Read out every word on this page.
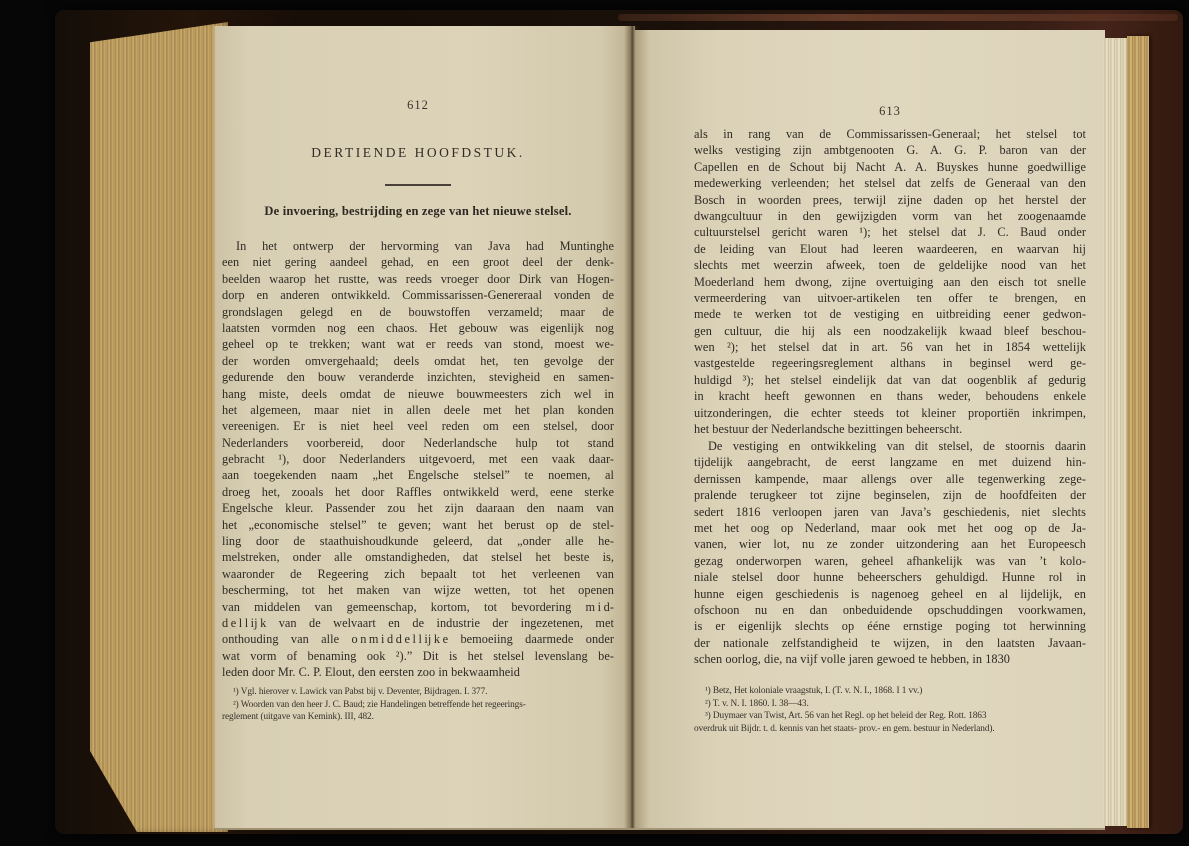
612
DERTIENDE HOOFDSTUK.
De invoering, bestrijding en zege van het nieuwe stelsel.
In het ontwerp der hervorming van Java had Muntinghe
een niet gering aandeel gehad, en een groot deel der denk-
beelden waarop het rustte, was reeds vroeger door Dirk van Hogen-
dorp en anderen ontwikkeld. Commissarissen-Genereraal vonden de
grondslagen gelegd en de bouwstoffen verzameld; maar de
laatsten vormden nog een chaos. Het gebouw was eigenlijk nog
geheel op te trekken; want wat er reeds van stond, moest we-
der worden omvergehaald; deels omdat het, ten gevolge der
gedurende den bouw veranderde inzichten, stevigheid en samen-
hang miste, deels omdat de nieuwe bouwmeesters zich wel in
het algemeen, maar niet in allen deele met het plan konden
vereenigen. Er is niet heel veel reden om een stelsel, door
Nederlanders voorbereid, door Nederlandsche hulp tot stand
gebracht ¹), door Nederlanders uitgevoerd, met een vaak daar-
aan toegekenden naam „het Engelsche stelsel” te noemen, al
droeg het, zooals het door Raffles ontwikkeld werd, eene sterke
Engelsche kleur. Passender zou het zijn daaraan den naam van
het „economische stelsel” te geven; want het berust op de stel-
ling door de staathuishoudkunde geleerd, dat „onder alle he-
melstreken, onder alle omstandigheden, dat stelsel het beste is,
waaronder de Regeering zich bepaalt tot het verleenen van
bescherming, tot het maken van wijze wetten, tot het openen
van middelen van gemeenschap, kortom, tot bevordering m i d-
d e l l ij k van de welvaart en de industrie der ingezetenen, met
onthouding van alle o n m i d d e l l ij k e bemoeiing daarmede onder
wat vorm of benaming ook ²).” Dit is het stelsel levenslang be-
leden door Mr. C. P. Elout, den eersten zoo in bekwaamheid
¹) Vgl. hierover v. Lawick van Pabst bij v. Deventer, Bijdragen. I. 377.
²) Woorden van den heer J. C. Baud; zie Handelingen betreffende het regeerings-
reglement (uitgave van Kemink). III, 482.
613
als in rang van de Commissarissen-Generaal; het stelsel tot
welks vestiging zijn ambtgenooten G. A. G. P. baron van der
Capellen en de Schout bij Nacht A. A. Buyskes hunne goedwillige
medewerking verleenden; het stelsel dat zelfs de Generaal van den
Bosch in woorden prees, terwijl zijne daden op het herstel der
dwangcultuur in den gewijzigden vorm van het zoogenaamde
cultuurstelsel gericht waren ¹); het stelsel dat J. C. Baud onder
de leiding van Elout had leeren waardeeren, en waarvan hij
slechts met weerzin afweek, toen de geldelijke nood van het
Moederland hem dwong, zijne overtuiging aan den eisch tot snelle
vermeerdering van uitvoer-artikelen ten offer te brengen, en
mede te werken tot de vestiging en uitbreiding eener gedwon-
gen cultuur, die hij als een noodzakelijk kwaad bleef beschou-
wen ²); het stelsel dat in art. 56 van het in 1854 wettelijk
vastgestelde regeeringsreglement althans in beginsel werd ge-
huldigd ³); het stelsel eindelijk dat van dat oogenblik af gedurig
in kracht heeft gewonnen en thans weder, behoudens enkele
uitzonderingen, die echter steeds tot kleiner proportiën inkrimpen,
het bestuur der Nederlandsche bezittingen beheerscht.
De vestiging en ontwikkeling van dit stelsel, de stoornis daarin
tijdelijk aangebracht, de eerst langzame en met duizend hin-
dernissen kampende, maar allengs over alle tegenwerking zege-
pralende terugkeer tot zijne beginselen, zijn de hoofdfeiten der
sedert 1816 verloopen jaren van Java’s geschiedenis, niet slechts
met het oog op Nederland, maar ook met het oog op de Ja-
vanen, wier lot, nu ze zonder uitzondering aan het Europeesch
gezag onderworpen waren, geheel afhankelijk was van ’t kolo-
niale stelsel door hunne beheerschers gehuldigd. Hunne rol in
hunne eigen geschiedenis is nagenoeg geheel en al lijdelijk, en
ofschoon nu en dan onbeduidende opschuddingen voorkwamen,
is er eigenlijk slechts op ééne ernstige poging tot herwinning
der nationale zelfstandigheid te wijzen, in den laatsten Javaan-
schen oorlog, die, na vijf volle jaren gewoed te hebben, in 1830
¹) Betz, Het koloniale vraagstuk, I. (T. v. N. I., 1868. I 1 vv.)
²) T. v. N. I. 1860. I. 38—43.
³) Duymaer van Twist, Art. 56 van het Regl. op het beleid der Reg. Rott. 1863
overdruk uit Bijdr. t. d. kennis van het staats- prov.- en gem. bestuur in Nederland).
